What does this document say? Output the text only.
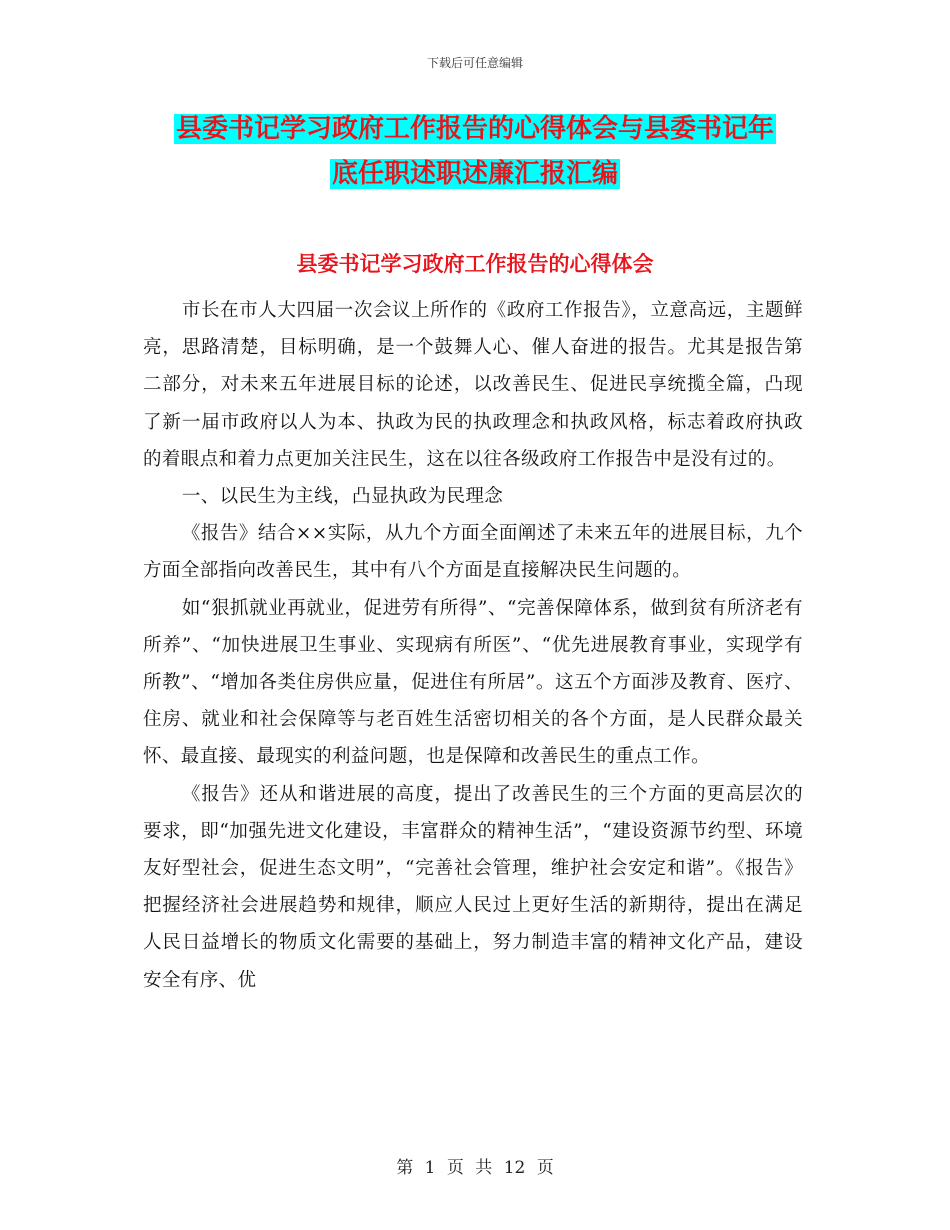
下载后可任意编辑
县委书记学习政府工作报告的心得体会与县委书记年
底任职述职述廉汇报汇编
县委书记学习政府工作报告的心得体会

市长在市人大四届一次会议上所作的《政府工作报告》，立意高远，主题鲜亮，思路清楚，目标明确，是一个鼓舞人心、催人奋进的报告。尤其是报告第二部分，对未来五年进展目标的论述，以改善民生、促进民享统揽全篇，凸现了新一届市政府以人为本、执政为民的执政理念和执政风格，标志着政府执政的着眼点和着力点更加关注民生，这在以往各级政府工作报告中是没有过的。

一、以民生为主线，凸显执政为民理念

《报告》结合××实际，从九个方面全面阐述了未来五年的进展目标，九个方面全部指向改善民生，其中有八个方面是直接解决民生问题的。

如“狠抓就业再就业，促进劳有所得”、“完善保障体系，做到贫有所济老有所养”、“加快进展卫生事业、实现病有所医”、“优先进展教育事业，实现学有所教”、“增加各类住房供应量，促进住有所居”。这五个方面涉及教育、医疗、住房、就业和社会保障等与老百姓生活密切相关的各个方面，是人民群众最关怀、最直接、最现实的利益问题，也是保障和改善民生的重点工作。

《报告》还从和谐进展的高度，提出了改善民生的三个方面的更高层次的要求，即“加强先进文化建设，丰富群众的精神生活”，“建设资源节约型、环境友好型社会，促进生态文明”，“完善社会管理，维护社会安定和谐”。《报告》把握经济社会进展趋势和规律，顺应人民过上更好生活的新期待，提出在满足人民日益增长的物质文化需要的基础上，努力制造丰富的精神文化产品，建设安全有序、优

第 1 页 共 12 页
